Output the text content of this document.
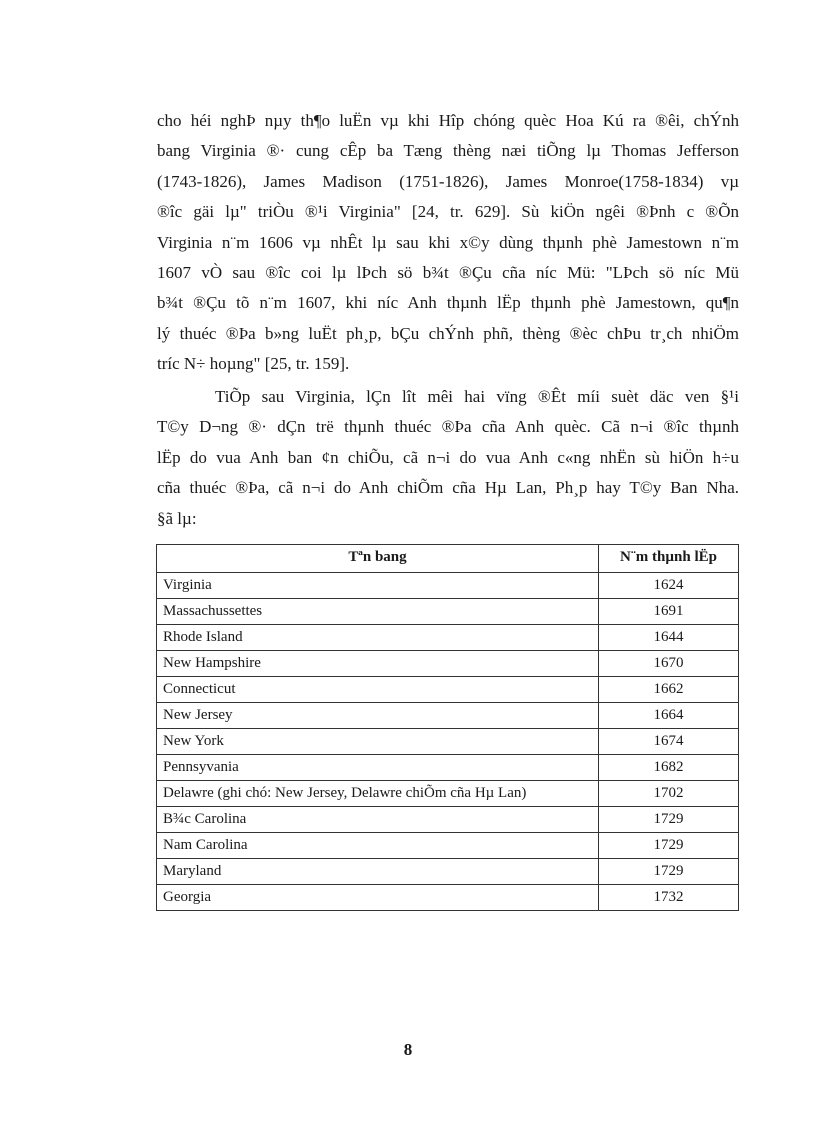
cho héi nghÞ nµy th¶o luËn vµ khi Hîp chóng quèc Hoa Kú ra ®êi, chÝnh
bang Virginia ®· cung cÊp ba Tæng thèng næi tiÕng lµ Thomas Jefferson
(1743-1826), James Madison (1751-1826), James Monroe(1758-1834) vµ
®îc gäi lµ" triÒu ®¹i Virginia" [24, tr. 629]. Sù kiÖn ngêi ®Þnh c ®Õn
Virginia n¨m 1606 vµ nhÊt lµ sau khi x©y dùng thµnh phè Jamestown n¨m
1607 vÒ sau ®îc coi lµ lÞch sö b¾t ®Çu cña níc Mü: "LÞch sö níc Mü
b¾t ®Çu tõ n¨m 1607, khi níc Anh thµnh lËp thµnh phè Jamestown, qu¶n
lý thuéc ®Þa b»ng luËt ph¸p, bÇu chÝnh phñ, thèng ®èc chÞu tr¸ch nhiÖm
tríc N÷ hoµng" [25, tr. 159].
TiÕp sau Virginia, lÇn lît mêi hai vïng ®Êt míi suèt däc ven §¹i
T©y D¬ng ®· dÇn trë thµnh thuéc ®Þa cña Anh quèc. Cã n¬i ®îc thµnh
lËp do vua Anh ban ¢n chiÕu, cã n¬i do vua Anh c«ng nhËn sù hiÖn h÷u
cña thuéc ®Þa, cã n¬i do Anh chiÕm cña Hµ Lan, Ph¸p hay T©y Ban Nha.
§ã lµ:
Tªn bang	N¨m thµnh lËp
Virginia	1624
Massachussettes	1691
Rhode Island	1644
New Hampshire	1670
Connecticut	1662
New Jersey	1664
New York	1674
Pennsyvania	1682
Delawre (ghi chó: New Jersey, Delawre chiÕm cña Hµ Lan)	1702
B¾c Carolina	1729
Nam Carolina	1729
Maryland	1729
Georgia	1732
8
